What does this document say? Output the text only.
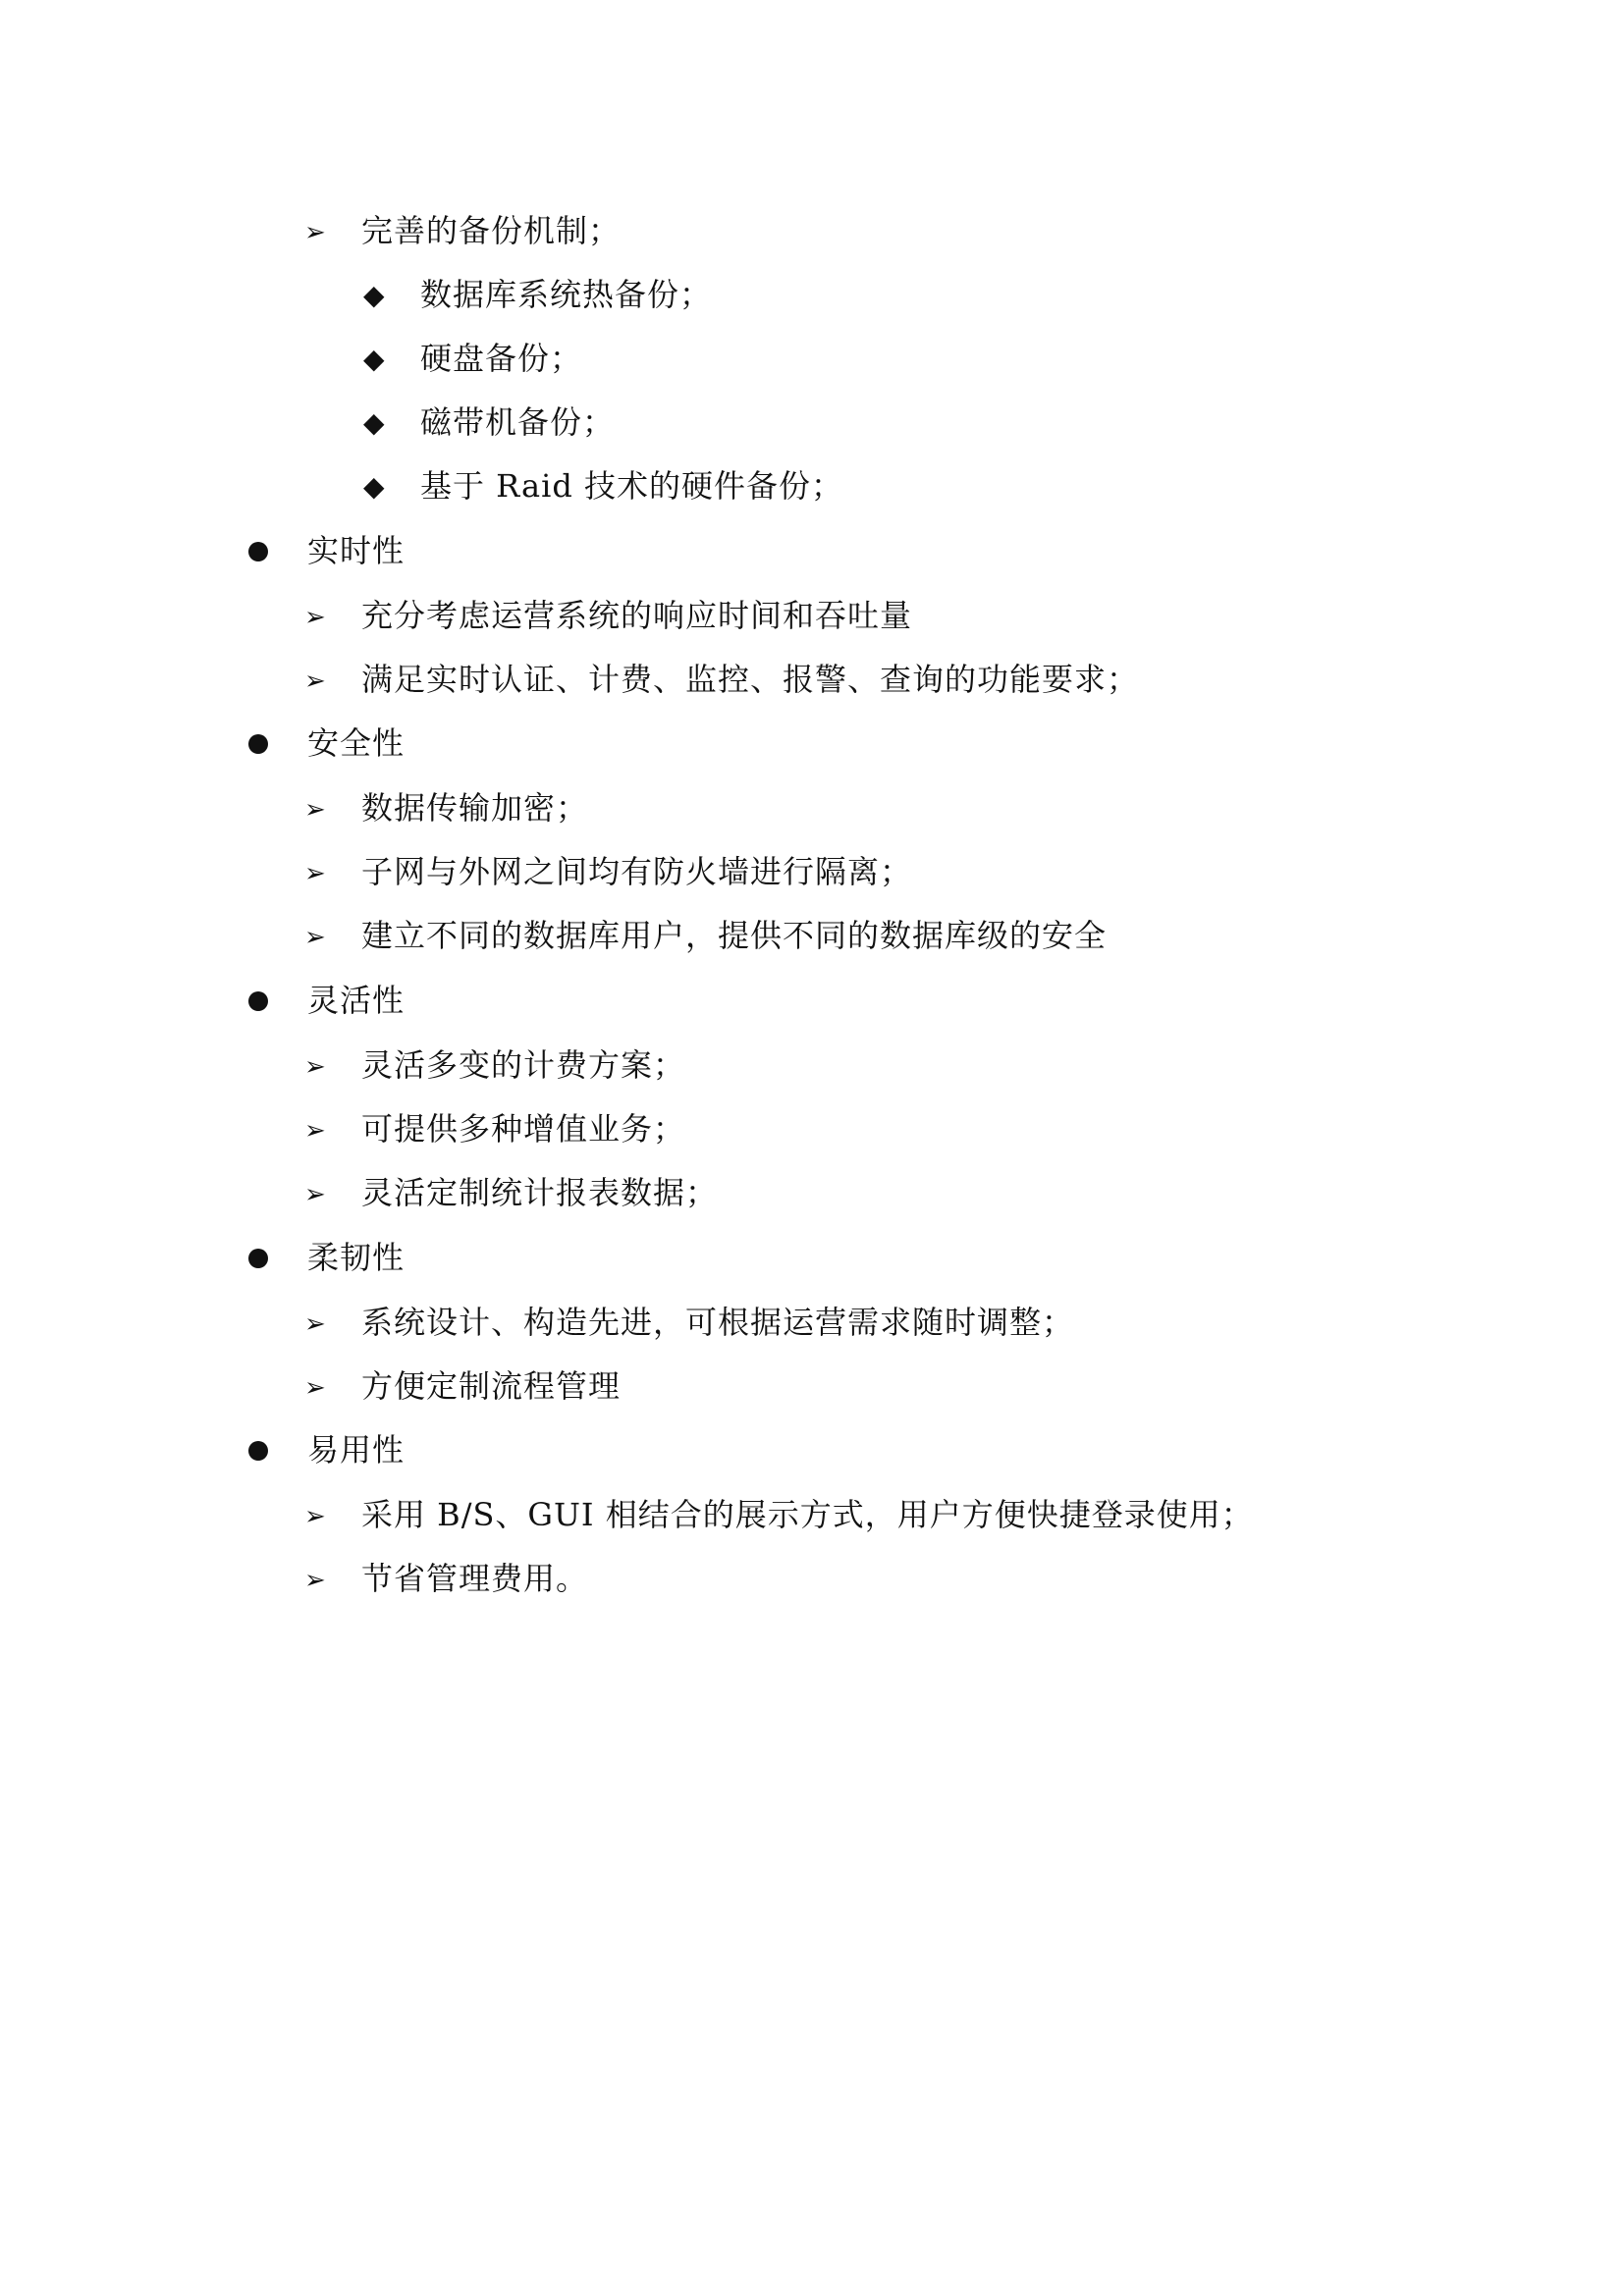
➢	完善的备份机制；
◆	数据库系统热备份；
◆	硬盘备份；
◆	磁带机备份；
◆	基于 Raid 技术的硬件备份；
实时性
➢	充分考虑运营系统的响应时间和吞吐量
➢	满足实时认证、计费、监控、报警、查询的功能要求；
安全性
➢	数据传输加密；
➢	子网与外网之间均有防火墙进行隔离；
➢	建立不同的数据库用户，提供不同的数据库级的安全
灵活性
➢	灵活多变的计费方案；
➢	可提供多种增值业务；
➢	灵活定制统计报表数据；
柔韧性
➢	系统设计、构造先进，可根据运营需求随时调整；
➢	方便定制流程管理
易用性
➢	采用 B/S、GUI 相结合的展示方式，用户方便快捷登录使用；
➢	节省管理费用。
